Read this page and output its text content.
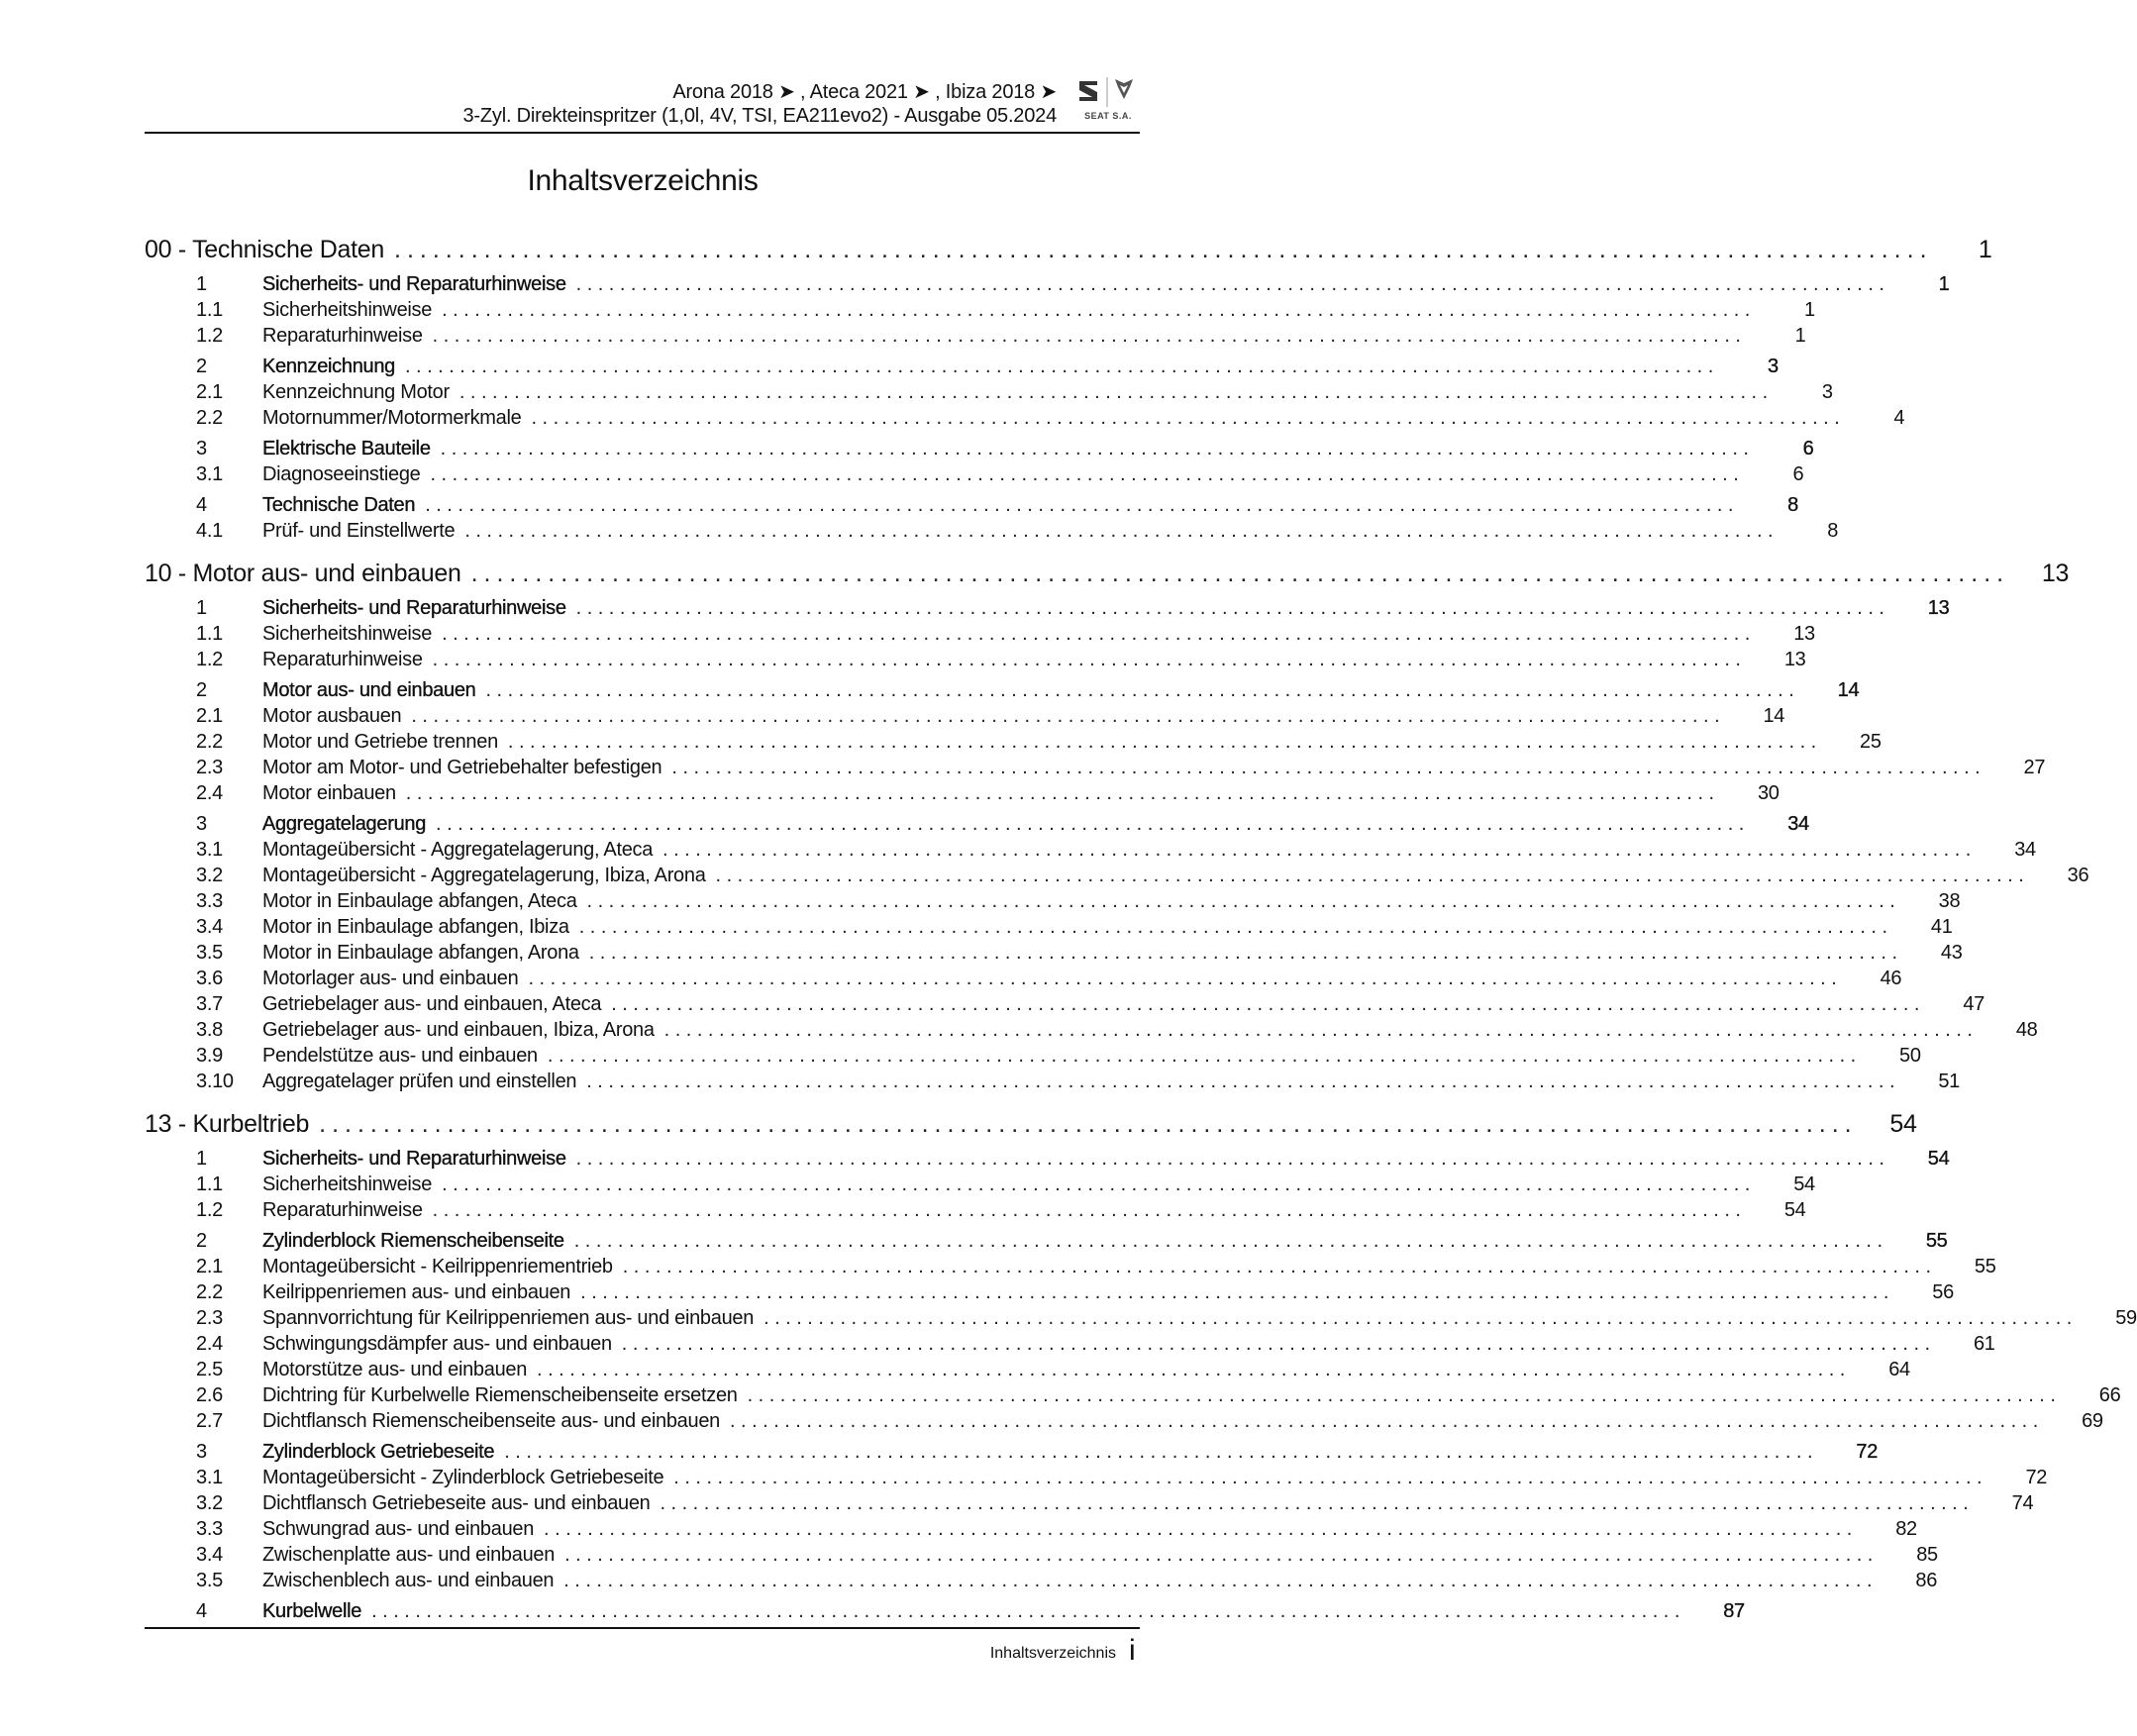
Arona 2018 ➤ , Ateca 2021 ➤ , Ibiza 2018 ➤
3-Zyl. Direkteinspritzer (1,0l, 4V, TSI, EA211evo2) - Ausgabe 05.2024	SEAT S.A.
Inhaltsverzeichnis
00 - Technische Daten ........................................................................................................................	1
1	Sicherheits- und Reparaturhinweise ........................................................................................................................	1
1.1	Sicherheitshinweise ........................................................................................................................	1
1.2	Reparaturhinweise ........................................................................................................................	1
2	Kennzeichnung ........................................................................................................................	3
2.1	Kennzeichnung Motor ........................................................................................................................	3
2.2	Motornummer/Motormerkmale ........................................................................................................................	4
3	Elektrische Bauteile ........................................................................................................................	6
3.1	Diagnoseeinstiege ........................................................................................................................	6
4	Technische Daten ........................................................................................................................	8
4.1	Prüf- und Einstellwerte ........................................................................................................................	8
10 - Motor aus- und einbauen ........................................................................................................................	13
1	Sicherheits- und Reparaturhinweise ........................................................................................................................	13
1.1	Sicherheitshinweise ........................................................................................................................	13
1.2	Reparaturhinweise ........................................................................................................................	13
2	Motor aus- und einbauen ........................................................................................................................	14
2.1	Motor ausbauen ........................................................................................................................	14
2.2	Motor und Getriebe trennen ........................................................................................................................	25
2.3	Motor am Motor- und Getriebehalter befestigen ........................................................................................................................	27
2.4	Motor einbauen ........................................................................................................................	30
3	Aggregatelagerung ........................................................................................................................	34
3.1	Montageübersicht - Aggregatelagerung, Ateca ........................................................................................................................	34
3.2	Montageübersicht - Aggregatelagerung, Ibiza, Arona ........................................................................................................................	36
3.3	Motor in Einbaulage abfangen, Ateca ........................................................................................................................	38
3.4	Motor in Einbaulage abfangen, Ibiza ........................................................................................................................	41
3.5	Motor in Einbaulage abfangen, Arona ........................................................................................................................	43
3.6	Motorlager aus- und einbauen ........................................................................................................................	46
3.7	Getriebelager aus- und einbauen, Ateca ........................................................................................................................	47
3.8	Getriebelager aus- und einbauen, Ibiza, Arona ........................................................................................................................	48
3.9	Pendelstütze aus- und einbauen ........................................................................................................................	50
3.10	Aggregatelager prüfen und einstellen ........................................................................................................................	51
13 - Kurbeltrieb ........................................................................................................................	54
1	Sicherheits- und Reparaturhinweise ........................................................................................................................	54
1.1	Sicherheitshinweise ........................................................................................................................	54
1.2	Reparaturhinweise ........................................................................................................................	54
2	Zylinderblock Riemenscheibenseite ........................................................................................................................	55
2.1	Montageübersicht - Keilrippenriementrieb ........................................................................................................................	55
2.2	Keilrippenriemen aus- und einbauen ........................................................................................................................	56
2.3	Spannvorrichtung für Keilrippenriemen aus- und einbauen ........................................................................................................................	59
2.4	Schwingungsdämpfer aus- und einbauen ........................................................................................................................	61
2.5	Motorstütze aus- und einbauen ........................................................................................................................	64
2.6	Dichtring für Kurbelwelle Riemenscheibenseite ersetzen ........................................................................................................................	66
2.7	Dichtflansch Riemenscheibenseite aus- und einbauen ........................................................................................................................	69
3	Zylinderblock Getriebeseite ........................................................................................................................	72
3.1	Montageübersicht - Zylinderblock Getriebeseite ........................................................................................................................	72
3.2	Dichtflansch Getriebeseite aus- und einbauen ........................................................................................................................	74
3.3	Schwungrad aus- und einbauen ........................................................................................................................	82
3.4	Zwischenplatte aus- und einbauen ........................................................................................................................	85
3.5	Zwischenblech aus- und einbauen ........................................................................................................................	86
4	Kurbelwelle ........................................................................................................................	87
Inhaltsverzeichnis i
